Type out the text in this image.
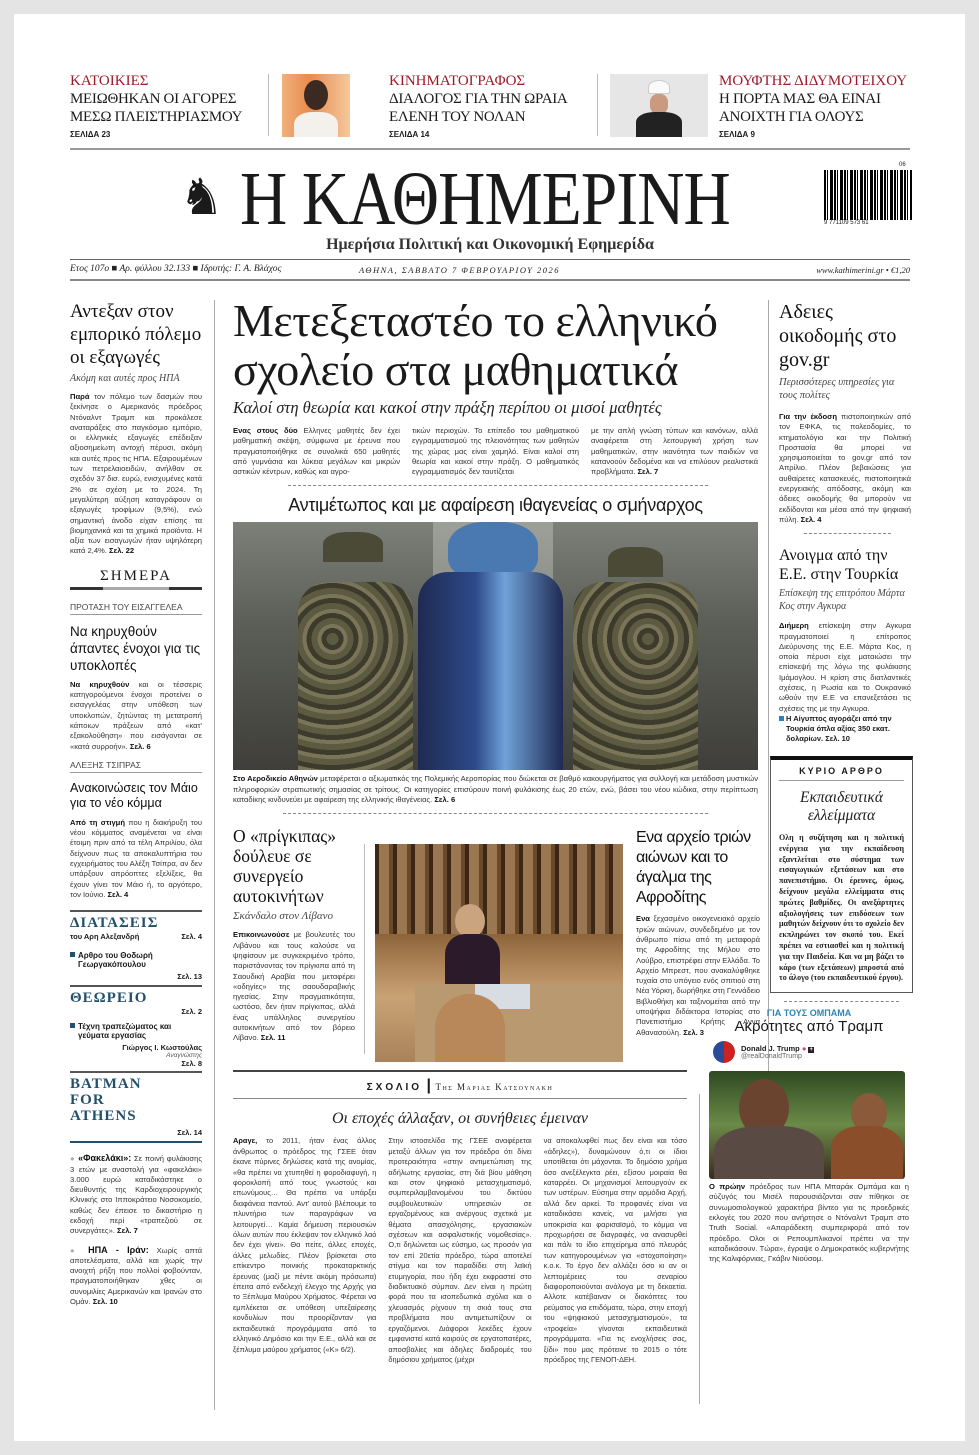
ΚΑΤΟΙΚΙΕΣ
ΜΕΙΩΘΗΚΑΝ ΟΙ ΑΓΟΡΕΣ ΜΕΣΩ ΠΛΕΙΣΤΗΡΙΑΣΜΟΥ
ΣΕΛΙΔΑ 23
ΚΙΝΗΜΑΤΟΓΡΑΦΟΣ
ΔΙΑΛΟΓΟΣ ΓΙΑ ΤΗΝ ΩΡΑΙΑ ΕΛΕΝΗ ΤΟΥ ΝΟΛΑΝ
ΣΕΛΙΔΑ 14
ΜΟΥΦΤΗΣ ΔΙΔΥΜΟΤΕΙΧΟΥ
Η ΠΟΡΤΑ ΜΑΣ ΘΑ ΕΙΝΑΙ ΑΝΟΙΧΤΗ ΓΙΑ ΟΛΟΥΣ
ΣΕΛΙΔΑ 9
♞ Η ΚΑΘΗΜΕΡΙΝΗ	9 771109 573 61
06
Ημερήσια Πολιτική και Οικονομική Εφημερίδα
Ετος 107ο ■ Αρ. φύλλου 32.133 ■ Ιδρυτής: Γ. Α. Βλάχος	ΑΘΗΝΑ, ΣΑΒΒΑΤΟ 7 ΦΕΒΡΟΥΑΡΙΟΥ 2026	www.kathimerini.gr • €1,20
Αντεξαν στον εμπορικό πόλεμο οι εξαγωγές
Ακόμη και αυτές προς ΗΠΑ
Παρά τον πόλεμο των δασμών που ξεκίνησε ο Αμερικανός πρόεδρος Ντόναλντ Τραμπ και προκάλεσε αναταράξεις στο παγκόσμιο εμπόριο, οι ελληνικές εξαγωγές επέδειξαν αξιοσημείωτη αντοχή πέρυσι, ακόμη και αυτές προς τις ΗΠΑ. Εξαιρουμένων των πετρελαιοειδών, ανήλθαν σε σχεδόν 37 δισ. ευρώ, ενισχυμένες κατά 2% σε σχέση με το 2024. Τη μεγαλύτερη αύξηση καταγράφουν οι εξαγωγές τροφίμων (9,5%), ενώ σημαντική άνοδο είχαν επίσης τα βιομηχανικά και τα χημικά προϊόντα. Η αξία των εισαγωγών ήταν υψηλότερη κατά 2,4%. Σελ. 22
ΣΗΜΕΡΑ
ΠΡΟΤΑΣΗ ΤΟΥ ΕΙΣΑΓΓΕΛΕΑ
Να κηρυχθούν άπαντες ένοχοι για τις υποκλοπές
Να κηρυχθούν και οι τέσσερις κατηγορούμενοι ένοχοι προτείνει ο εισαγγελέας στην υπόθεση των υποκλοπών, ζητώντας τη μετατροπή κάποιων πράξεων από «κατ' εξακολούθηση» που εισάγονται σε «κατά συρροήν». Σελ. 6
ΑΛΕΞΗΣ ΤΣΙΠΡΑΣ
Ανακοινώσεις τον Μάιο για το νέο κόμμα
Από τη στιγμή που η διακήρυξη του νέου κόμματος αναμένεται να είναι έτοιμη πριν από τα τέλη Απριλίου, όλα δείχνουν πως τα αποκαλυπτήρια του εγχειρήματος του Αλέξη Τσίπρα, αν δεν υπάρξουν απρόοπτες εξελίξεις, θα έχουν γίνει τον Μάιο ή, το αργότερο, τον Ιούνιο. Σελ. 4
ΔΙΑΤΑΣΕΙΣ
του Αρη Αλεξανδρή	Σελ. 4
Αρθρο του Θοδωρή Γεωργακόπουλου
Σελ. 13
ΘΕΩΡΕΙΟ
Σελ. 2
Τέχνη τραπεζώματος και γεύματα εργασίας
Γιώργος Ι. Κωστούλας
Αναγνώστης
Σελ. 8
BATMAN FOR ATHENS
Σελ. 14
● «Φακελάκι»: Σε ποινή φυλάκισης 3 ετών με αναστολή για «φακελάκι» 3.000 ευρώ καταδικάστηκε ο διευθυντής της Καρδιοχειρουργικής Κλινικής στο Ιπποκράτειο Νοσοκομείο, καθώς δεν έπεισε το δικαστήριο η εκδοχή περί «τραπεζιού σε συνεργάτες». Σελ. 7
● ΗΠΑ - Ιράν: Χωρίς απτά αποτελέσματα, αλλά και χωρίς την ανοιχτή ρήξη που πολλοί φοβούνταν, πραγματοποιήθηκαν χθες οι συνομιλίες Αμερικανών και Ιρανών στο Ομάν. Σελ. 10
Μετεξεταστέο το ελληνικό σχολείο στα μαθηματικά
Καλοί στη θεωρία και κακοί στην πράξη περίπου οι μισοί μαθητές
Ενας στους δύο Ελληνες μαθητές δεν έχει μαθηματική σκέψη, σύμφωνα με έρευνα που πραγματοποιήθηκε σε συνολικά 650 μαθητές από γυμνάσια και λύκεια μεγάλων και μικρών αστικών κέντρων, καθώς και αγρο-
τικών περιοχών. Το επίπεδο του μαθηματικού εγγραμματισμού της πλειονότητας των μαθητών της χώρας μας είναι χαμηλό. Είναι καλοί στη θεωρία και κακοί στην πράξη. Ο μαθηματικός εγγραμματισμός δεν ταυτίζεται
με την απλή γνώση τύπων και κανόνων, αλλά αναφέρεται στη λειτουργική χρήση των μαθηματικών, στην ικανότητα των παιδιών να κατανοούν δεδομένα και να επιλύουν ρεαλιστικά προβλήματα. Σελ. 7
Αντιμέτωπος και με αφαίρεση ιθαγενείας ο σμήναρχος
Στο Αεροδικείο Αθηνών μεταφέρεται ο αξιωματικός της Πολεμικής Αεροπορίας που διώκεται σε βαθμό κακουργήματος για συλλογή και μετάδοση μυστικών πληροφοριών στρατιωτικής σημασίας σε τρίτους. Οι κατηγορίες επισύρουν ποινή φυλάκισης έως 20 ετών, ενώ, βάσει του νέου κώδικα, στην περίπτωση καταδίκης κινδυνεύει με αφαίρεση της ελληνικής ιθαγένειας. Σελ. 6
Ο «πρίγκιπας» δούλευε σε συνεργείο αυτοκινήτων
Σκάνδαλο στον Λίβανο
Επικοινωνούσε με βουλευτές του Λιβάνου και τους καλούσε να ψηφίσουν με συγκεκριμένο τρόπο, παριστάνοντας τον πρίγκιπα από τη Σαουδική Αραβία που μεταφέρει «οδηγίες» της σαουδαραβικής ηγεσίας. Στην πραγματικότητα, ωστόσο, δεν ήταν πρίγκιπας, αλλά ένας υπάλληλος συνεργείου αυτοκινήτων από τον βόρειο Λίβανο. Σελ. 11
Ενα αρχείο τριών αιώνων και το άγαλμα της Αφροδίτης
Ενα ξεχασμένο οικογενειακό αρχείο τριών αιώνων, συνδεδεμένο με τον άνθρωπο πίσω από τη μεταφορά της Αφροδίτης της Μήλου στο Λούβρο, επιστρέφει στην Ελλάδα. Το Αρχείο Μπρεστ, που ανακαλύφθηκε τυχαία στο υπόγειο ενός σπιτιού στη Νέα Υόρκη, δωρήθηκε στη Γεννάδειο Βιβλιοθήκη και ταξινομείται από την υποψήφια διδάκτορα Ιστορίας στο Πανεπιστήμιο Κρήτης Αννα Αθανασούλη. Σελ. 3
ΣΧΟΛΙΟ | Της Μαριας Κατσουνακη
Οι εποχές άλλαξαν, οι συνήθειες έμειναν
Αραγε, το 2011, ήταν ένας άλλος άνθρωπος ο πρόεδρος της ΓΣΕΕ όταν έκανε πύρινες δηλώσεις κατά της ανομίας, «θα πρέπει να χτυπηθεί η φοροδιαφυγή, η φοροκλοπή από τους γνωστούς και επωνύμους… Θα πρέπει να υπάρξει διαφάνεια παντού. Αντ' αυτού βλέπουμε το πλυντήριο των παραγράφων να λειτουργεί… Καμία δήμευση περιουσιών όλων αυτών που έκλεψαν τον ελληνικό λαό δεν έχει γίνει». Θα πείτε, άλλες εποχές, άλλες μελωδίες. Πλέον βρίσκεται στο επίκεντρο ποινικής προκαταρκτικής έρευνας (μαζί με πέντε ακόμη πρόσωπα) έπειτα από ενδελεχή έλεγχο της Αρχής για το Ξέπλυμα Μαύρου Χρήματος. Φέρεται να εμπλέκεται σε υπόθεση υπεξαίρεσης κονδυλίων που προορίζονταν για εκπαιδευτικά προγράμματα από το ελληνικό Δημόσιο και την Ε.Ε., αλλά και σε ξέπλυμα μαύρου χρήματος («Κ» 6/2).
Στην ιστοσελίδα της ΓΣΕΕ αναφέρεται μεταξύ άλλων για τον πρόεδρο ότι δίνει προτεραιότητα «στην αντιμετώπιση της αδήλωτης εργασίας, στη διά βίου μάθηση και στον ψηφιακό μετασχηματισμό, συμπεριλαμβανομένου του δικτύου συμβουλευτικών υπηρεσιών σε εργαζομένους και ανέργους σχετικά με θέματα απασχόλησης, εργασιακών σχέσεων και ασφαλιστικής νομοθεσίας». Ο,τι δηλώνεται ως εύσημο, ως προσόν για τον επί 20ετία πρόεδρο, τώρα αποτελεί στίγμα και τον παραδίδει στη λαϊκή ετυμηγορία, που ήδη έχει εκφραστεί στο διαδικτυακό σύμπαν. Δεν είναι η πρώτη φορά που τα ισοπεδωτικά σχόλια και ο χλευασμός ρίχνουν τη σκιά τους στα προβλήματα που αντιμετωπίζουν οι εργαζόμενοι. Διάφοροι λεκέδες έχουν εμφανιστεί κατά καιρούς σε εργατοπατέρες, αποσβαλίες και άδηλες διαδρομές του δημόσιου χρήματος (μέχρι
να αποκαλυφθεί πως δεν είναι και τόσο «άδηλες»), δυναμώνουν ό,τι οι ίδιοι υποτίθεται ότι μάχονται. Το δημόσιο χρήμα όσο ανεξέλεγκτα ρέει, εξίσου μοιραία θα καταρρέει. Οι μηχανισμοί λειτουργούν εκ των υστέρων. Εύσημα στην αρμόδια Αρχή, αλλά δεν αρκεί. Το προφανές είναι να καταδικάσει κανείς, να μιλήσει για υποκρισία και φαρισαϊσμό, το κόμμα να προχωρήσει σε διαγραφές, να ανασυρθεί και πάλι το ίδιο επιχείρημα από πλευράς των κατηγορουμένων για «στοχοποίηση» κ.ο.κ. Το έργο δεν αλλάζει όσο κι αν οι λεπτομέρειες του σεναρίου διαφοροποιούνται ανάλογα με τη δεκαετία. Αλλοτε κατέβαιναν οι διακόπτες του ρεύματος για επιδόματα, τώρα, στην εποχή του «ψηφιακού μετασχηματισμού», τα «τροφεία» γίνονται εκπαιδευτικά προγράμματα. «Για τις ενοχλήσεις σας, ξίδι» που μας πρότεινε το 2015 ο τότε πρόεδρος της ΓΕΝΟΠ-ΔΕΗ.
Αδειες οικοδομής στο gov.gr
Περισσότερες υπηρεσίες για τους πολίτες
Για την έκδοση πιστοποιητικών από τον ΕΦΚΑ, τις πολεοδομίες, το κτηματολόγιο και την Πολιτική Προστασία θα μπορεί να χρησιμοποιείται το gov.gr από τον Απρίλιο. Πλέον βεβαιώσεις για αυθαίρετες κατασκευές, πιστοποιητικά ενεργειακής απόδοσης, ακόμη και άδειες οικοδομής θα μπορούν να εκδίδονται και μέσα από την ψηφιακή πύλη. Σελ. 4
Ανοιγμα από την Ε.Ε. στην Τουρκία
Επίσκεψη της επιτρόπου Μάρτα Κος στην Αγκυρα
Διήμερη επίσκεψη στην Αγκυρα πραγματοποιεί η επίτροπος Διεύρυνσης της Ε.Ε. Μάρτα Κος, η οποία πέρυσι είχε ματαιώσει την επίσκεψή της λόγω της φυλάκισης Ιμάμογλου. Η κρίση στις διατλαντικές σχέσεις, η Ρωσία και το Ουκρανικό ωθούν την Ε.Ε να επανεξετάσει τις σχέσεις της με την Αγκυρα.
Η Αίγυπτος αγοράζει από την Τουρκία όπλα αξίας 350 εκατ. δολαρίων. Σελ. 10
ΚΥΡΙΟ ΑΡΘΡΟ
Εκπαιδευτικά ελλείμματα
Ολη η συζήτηση και η πολιτική ενέργεια για την εκπαίδευση εξαντλείται στο σύστημα των εισαγωγικών εξετάσεων και στο πανεπιστήμιο. Οι έρευνες, όμως, δείχνουν μεγάλα ελλείμματα στις πρώτες βαθμίδες. Οι ανεξάρτητες αξιολογήσεις των επιδόσεων των μαθητών δείχνουν ότι το σχολείο δεν εκπληρώνει τον σκοπό του. Εκεί πρέπει να εστιασθεί και η πολιτική για την Παιδεία. Και να μη βάζει το κάρο (των εξετάσεων) μπροστά από το άλογο (του εκπαιδευτικού έργου).
ΓΙΑ ΤΟΥΣ ΟΜΠΑΜΑ
Ακρότητες από Τραμπ
Donald J. Trump ● +
@realDonaldTrump
Ο πρώην πρόεδρος των ΗΠΑ Μπαράκ Ομπάμα και η σύζυγός του Μισέλ παρουσιάζονται σαν πίθηκοι σε συνωμοσιολογικού χαρακτήρα βίντεο για τις προεδρικές εκλογές του 2020 που ανήρτησε ο Ντόναλντ Τραμπ στο Truth Social. «Απαράδεκτη συμπεριφορά από τον πρόεδρο. Ολοι οι Ρεπουμπλικανοί πρέπει να την καταδικάσουν. Τώρα», έγραψε ο Δημοκρατικός κυβερνήτης της Καλιφόρνιας, Γκάβιν Νιούσομ.
